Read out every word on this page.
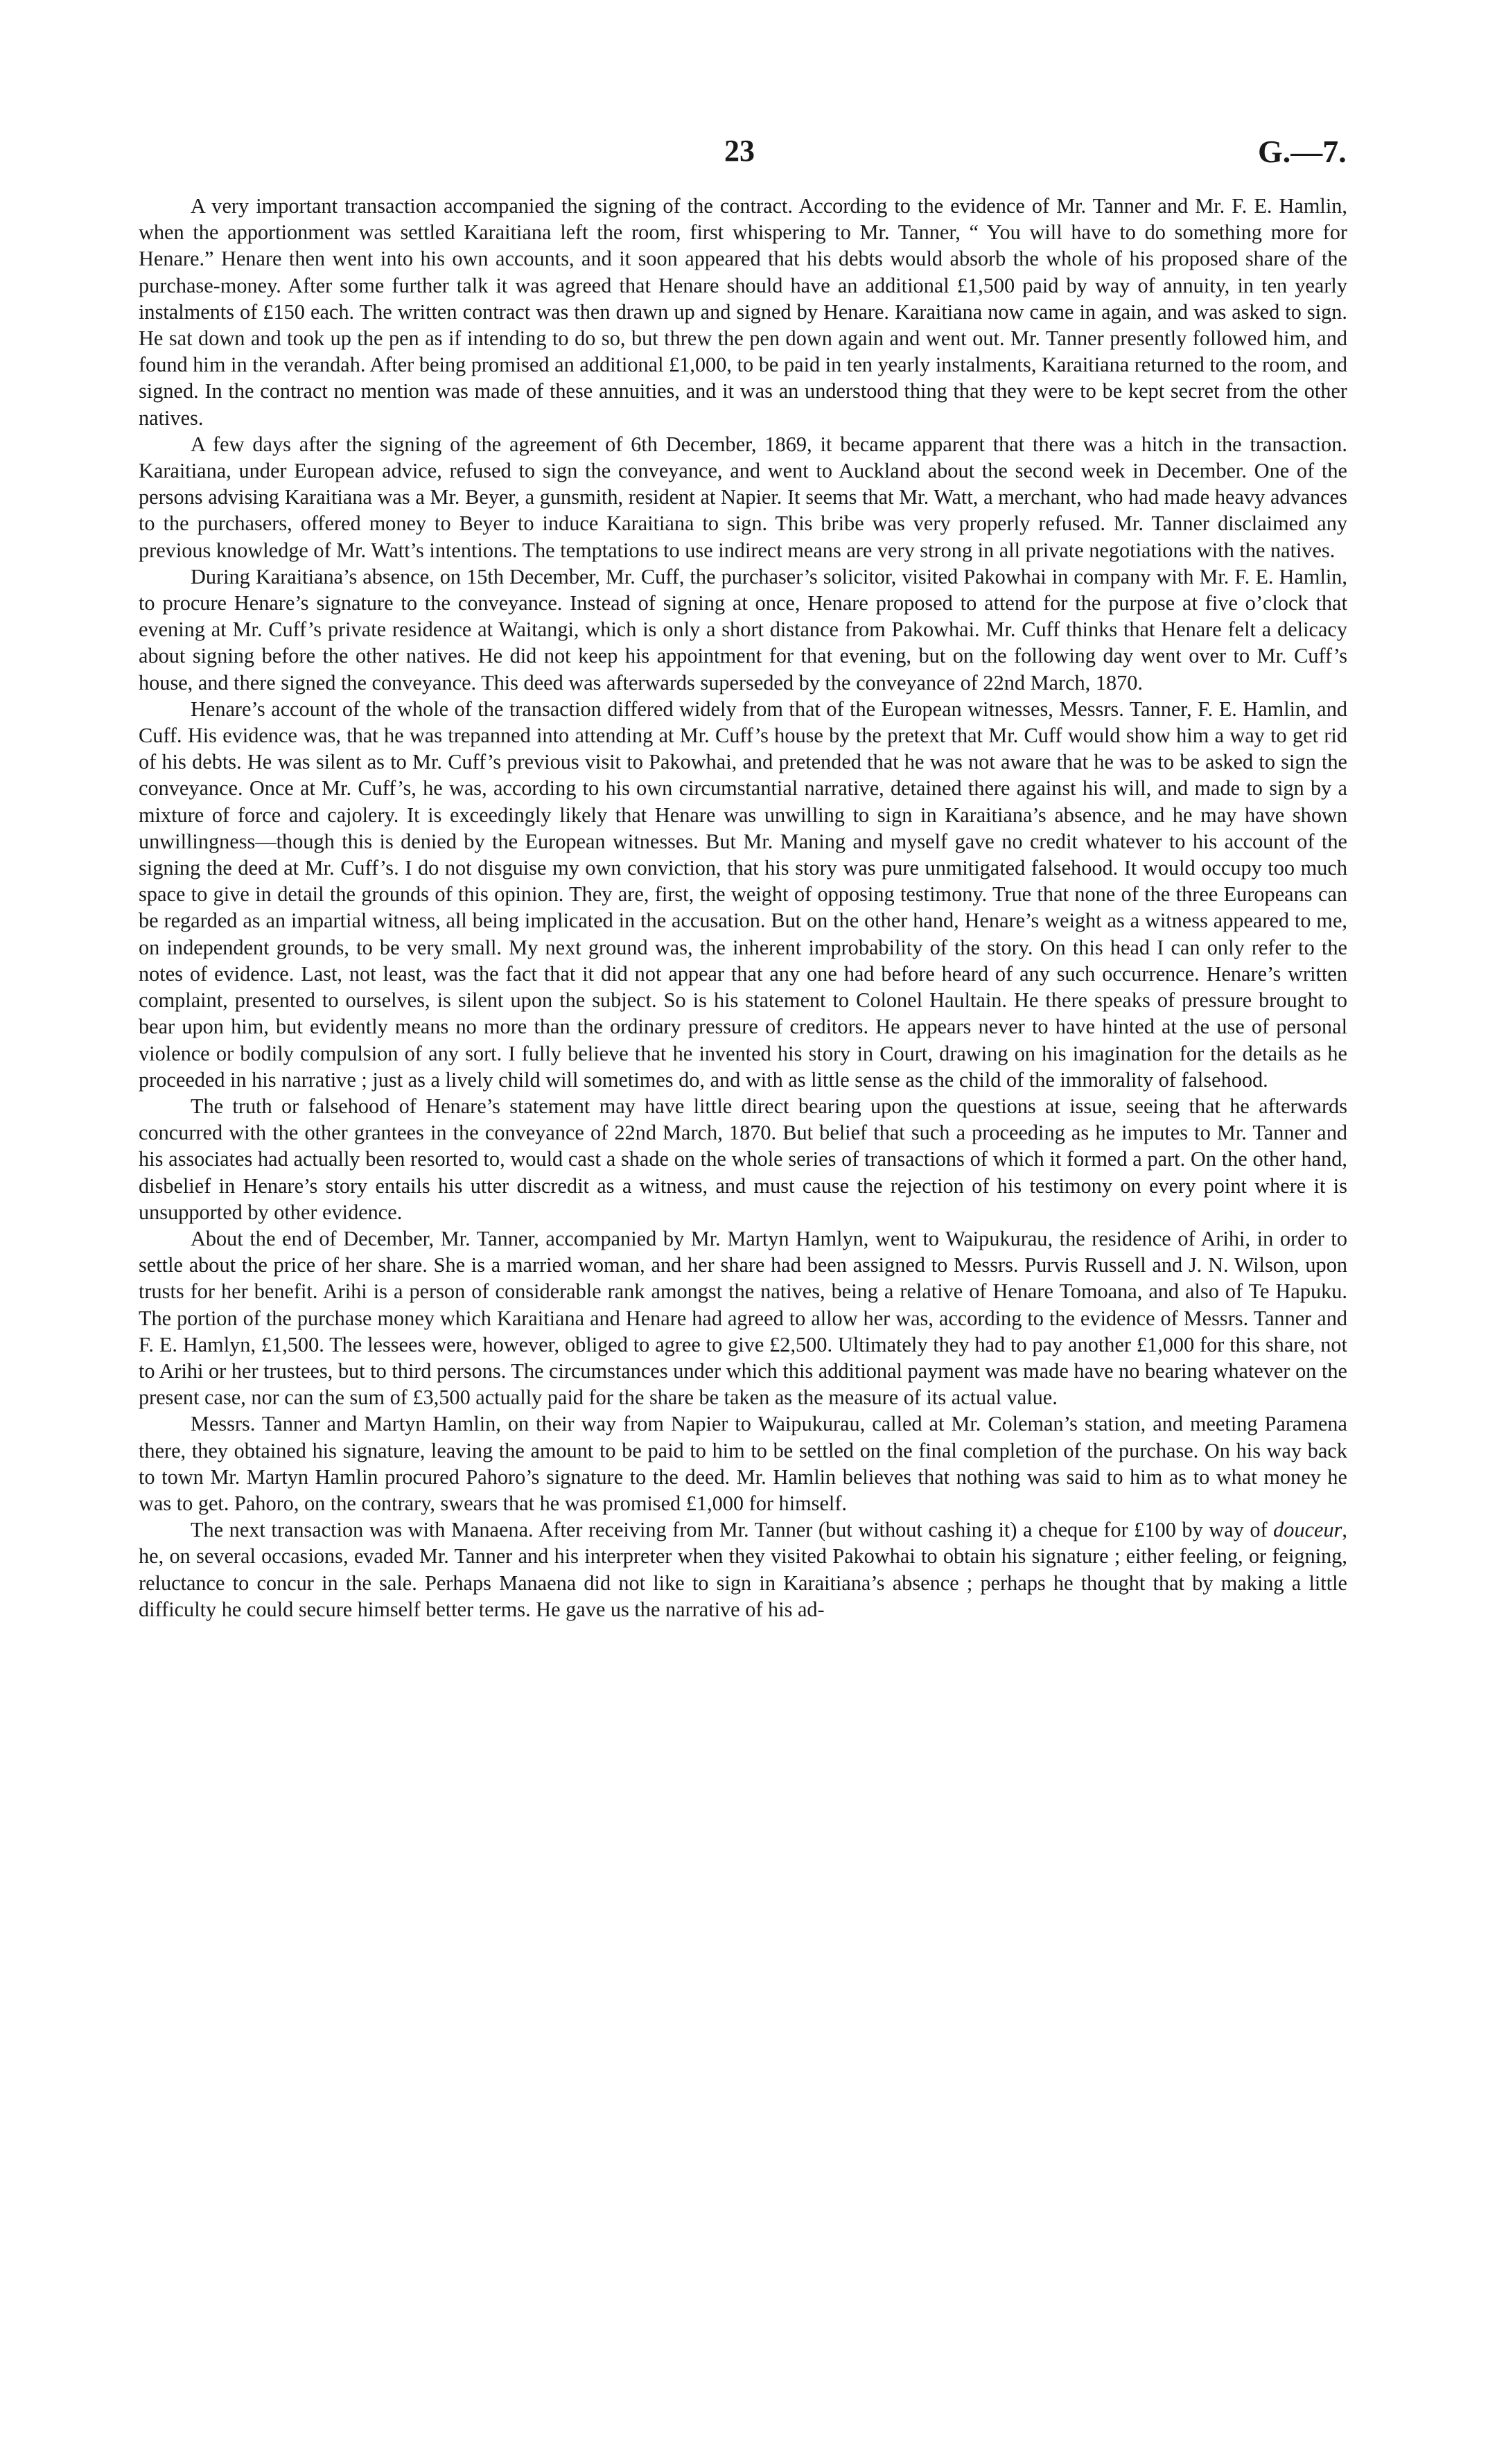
23	G.—7.

A very important transaction accompanied the signing of the contract. According to the evidence of Mr. Tanner and Mr. F. E. Hamlin, when the apportionment was settled Karaitiana left the room, first whispering to Mr. Tanner, “ You will have to do something more for Henare.” Henare then went into his own accounts, and it soon appeared that his debts would absorb the whole of his proposed share of the purchase-money. After some further talk it was agreed that Henare should have an additional £1,500 paid by way of annuity, in ten yearly instalments of £150 each. The written contract was then drawn up and signed by Henare. Karaitiana now came in again, and was asked to sign. He sat down and took up the pen as if intending to do so, but threw the pen down again and went out. Mr. Tanner presently followed him, and found him in the verandah. After being promised an additional £1,000, to be paid in ten yearly instalments, Karaitiana returned to the room, and signed. In the contract no mention was made of these annuities, and it was an understood thing that they were to be kept secret from the other natives.

A few days after the signing of the agreement of 6th December, 1869, it became apparent that there was a hitch in the transaction. Karaitiana, under European advice, refused to sign the conveyance, and went to Auckland about the second week in December. One of the persons advising Karaitiana was a Mr. Beyer, a gunsmith, resident at Napier. It seems that Mr. Watt, a merchant, who had made heavy advances to the purchasers, offered money to Beyer to induce Karaitiana to sign. This bribe was very properly refused. Mr. Tanner disclaimed any previous knowledge of Mr. Watt’s intentions. The temptations to use indirect means are very strong in all private negotiations with the natives.

During Karaitiana’s absence, on 15th December, Mr. Cuff, the purchaser’s solicitor, visited Pakowhai in company with Mr. F. E. Hamlin, to procure Henare’s signature to the conveyance. Instead of signing at once, Henare proposed to attend for the purpose at five o’clock that evening at Mr. Cuff’s private residence at Waitangi, which is only a short distance from Pakowhai. Mr. Cuff thinks that Henare felt a delicacy about signing before the other natives. He did not keep his appointment for that evening, but on the following day went over to Mr. Cuff’s house, and there signed the conveyance. This deed was afterwards superseded by the conveyance of 22nd March, 1870.

Henare’s account of the whole of the transaction differed widely from that of the European witnesses, Messrs. Tanner, F. E. Hamlin, and Cuff. His evidence was, that he was trepanned into attending at Mr. Cuff’s house by the pretext that Mr. Cuff would show him a way to get rid of his debts. He was silent as to Mr. Cuff’s previous visit to Pakowhai, and pretended that he was not aware that he was to be asked to sign the conveyance. Once at Mr. Cuff’s, he was, according to his own circumstantial narrative, detained there against his will, and made to sign by a mixture of force and cajolery. It is exceedingly likely that Henare was unwilling to sign in Karaitiana’s absence, and he may have shown unwillingness—though this is denied by the European witnesses. But Mr. Maning and myself gave no credit whatever to his account of the signing the deed at Mr. Cuff’s. I do not disguise my own conviction, that his story was pure unmitigated falsehood. It would occupy too much space to give in detail the grounds of this opinion. They are, first, the weight of opposing testimony. True that none of the three Europeans can be regarded as an impartial witness, all being implicated in the accusation. But on the other hand, Henare’s weight as a witness appeared to me, on independent grounds, to be very small. My next ground was, the inherent improbability of the story. On this head I can only refer to the notes of evidence. Last, not least, was the fact that it did not appear that any one had before heard of any such occurrence. Henare’s written complaint, presented to ourselves, is silent upon the subject. So is his statement to Colonel Haultain. He there speaks of pressure brought to bear upon him, but evidently means no more than the ordinary pressure of creditors. He appears never to have hinted at the use of personal violence or bodily compulsion of any sort. I fully believe that he invented his story in Court, drawing on his imagination for the details as he proceeded in his narrative ; just as a lively child will sometimes do, and with as little sense as the child of the immorality of falsehood.

The truth or falsehood of Henare’s statement may have little direct bearing upon the questions at issue, seeing that he afterwards concurred with the other grantees in the conveyance of 22nd March, 1870. But belief that such a proceeding as he imputes to Mr. Tanner and his associates had actually been resorted to, would cast a shade on the whole series of transactions of which it formed a part. On the other hand, disbelief in Henare’s story entails his utter discredit as a witness, and must cause the rejection of his testimony on every point where it is unsupported by other evidence.

About the end of December, Mr. Tanner, accompanied by Mr. Martyn Hamlyn, went to Waipukurau, the residence of Arihi, in order to settle about the price of her share. She is a married woman, and her share had been assigned to Messrs. Purvis Russell and J. N. Wilson, upon trusts for her benefit. Arihi is a person of considerable rank amongst the natives, being a relative of Henare Tomoana, and also of Te Hapuku. The portion of the purchase money which Karaitiana and Henare had agreed to allow her was, according to the evidence of Messrs. Tanner and F. E. Hamlyn, £1,500. The lessees were, however, obliged to agree to give £2,500. Ultimately they had to pay another £1,000 for this share, not to Arihi or her trustees, but to third persons. The circumstances under which this additional payment was made have no bearing whatever on the present case, nor can the sum of £3,500 actually paid for the share be taken as the measure of its actual value.

Messrs. Tanner and Martyn Hamlin, on their way from Napier to Waipukurau, called at Mr. Coleman’s station, and meeting Paramena there, they obtained his signature, leaving the amount to be paid to him to be settled on the final completion of the purchase. On his way back to town Mr. Martyn Hamlin procured Pahoro’s signature to the deed. Mr. Hamlin believes that nothing was said to him as to what money he was to get. Pahoro, on the contrary, swears that he was promised £1,000 for himself.

The next transaction was with Manaena. After receiving from Mr. Tanner (but without cashing it) a cheque for £100 by way of douceur, he, on several occasions, evaded Mr. Tanner and his interpreter when they visited Pakowhai to obtain his signature ; either feeling, or feigning, reluctance to concur in the sale. Perhaps Manaena did not like to sign in Karaitiana’s absence ; perhaps he thought that by making a little difficulty he could secure himself better terms. He gave us the narrative of his ad-
